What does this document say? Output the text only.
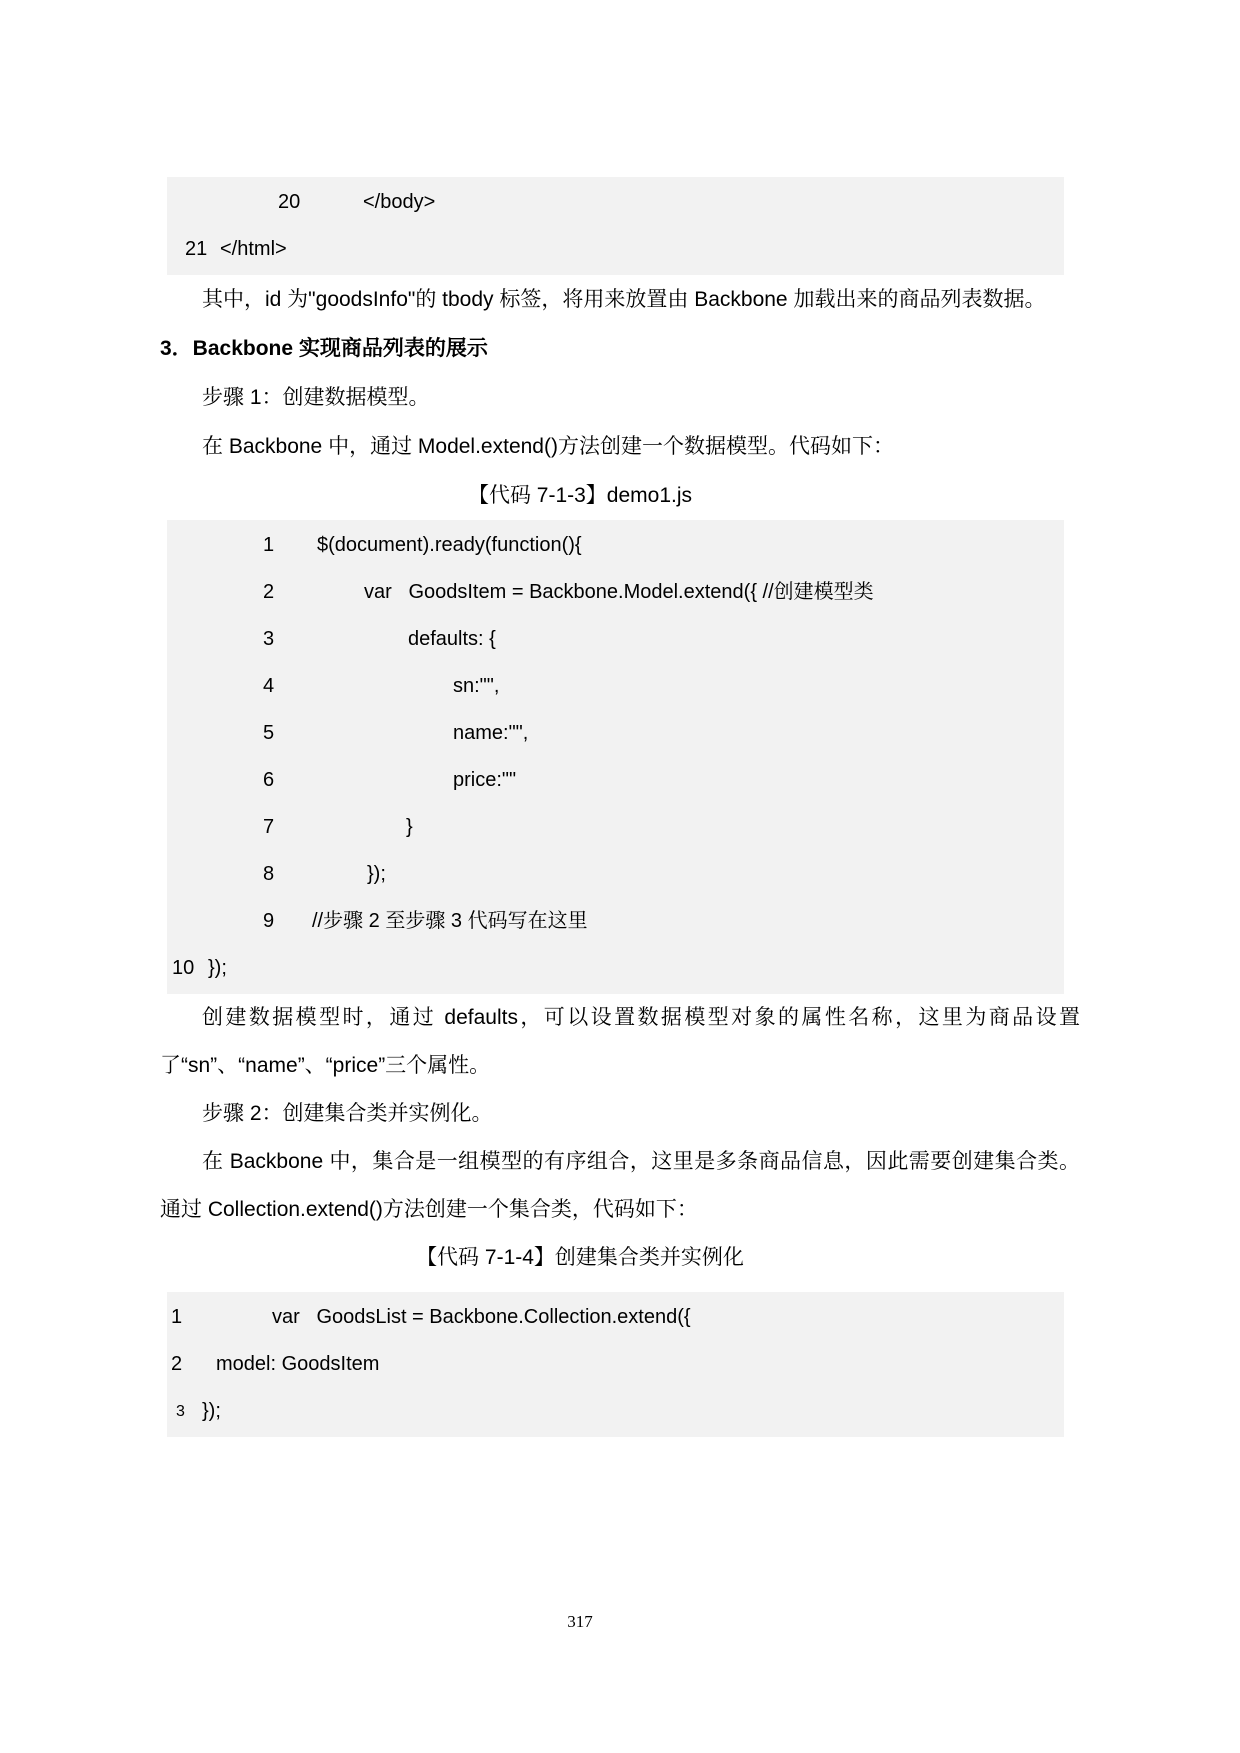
20	</body>
21 </html>

其中，id 为"goodsInfo"的 tbody 标签，将用来放置由 Backbone 加载出来的商品列表数据。

3．Backbone 实现商品列表的展示

步骤 1：创建数据模型。

在 Backbone 中，通过 Model.extend()方法创建一个数据模型。代码如下：

【代码 7-1-3】demo1.js

1 $(document).ready(function(){
2	var   GoodsItem = Backbone.Model.extend({ //创建模型类
3	defaults: {
4	sn:"",
5	name:"",
6	price:""
7	}
8	});
9 //步骤 2 至步骤 3 代码写在这里
10 });

创建数据模型时，通过 defaults，可以设置数据模型对象的属性名称，这里为商品设置了“sn”、“name”、“price”三个属性。

步骤 2：创建集合类并实例化。

在 Backbone 中，集合是一组模型的有序组合，这里是多条商品信息，因此需要创建集合类。通过 Collection.extend()方法创建一个集合类，代码如下：

【代码 7-1-4】创建集合类并实例化

1	var   GoodsList = Backbone.Collection.extend({
2 model: GoodsItem
3 });
317
